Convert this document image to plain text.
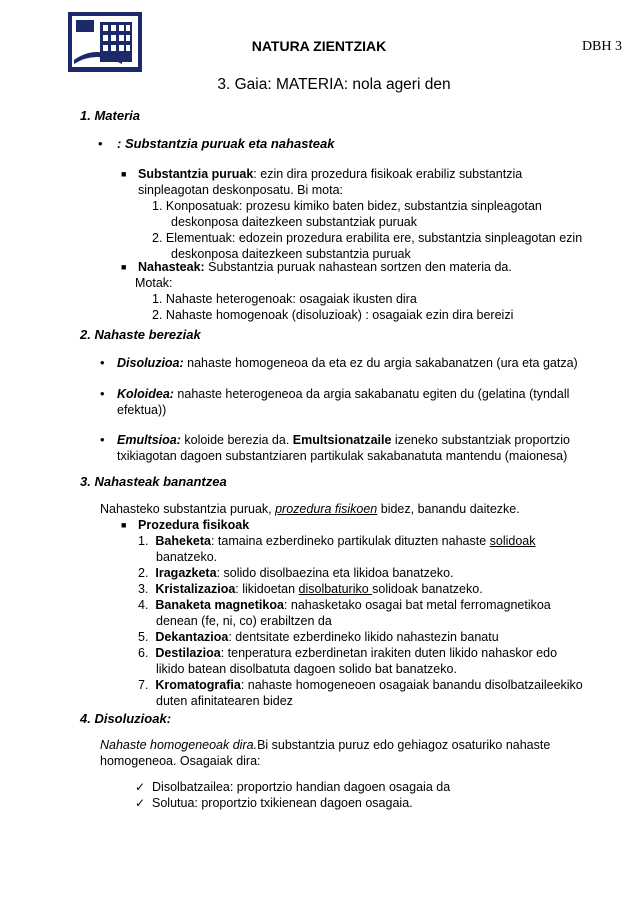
NATURA ZIENTZIAK	DBH 3
3. Gaia: MATERIA: nola ageri den
1. Materia
• : Substantzia puruak eta nahasteak
■ Substantzia puruak: ezin dira prozedura fisikoak erabiliz substantzia
sinpleagotan deskonposatu. Bi mota:
1. Konposatuak: prozesu kimiko baten bidez, substantzia sinpleagotan
deskonposa daitezkeen substantziak puruak
2. Elementuak: edozein prozedura erabilita ere, substantzia sinpleagotan ezin
deskonposa daitezkeen substantzia puruak
■ Nahasteak: Substantzia puruak nahastean sortzen den materia da.
Motak:
1. Nahaste heterogenoak: osagaiak ikusten dira
2. Nahaste homogenoak (disoluzioak) : osagaiak ezin dira bereizi
2. Nahaste bereziak
• Disoluzioa: nahaste homogeneoa da eta ez du argia sakabanatzen (ura eta gatza)
• Koloidea: nahaste heterogeneoa da argia sakabanatu egiten du (gelatina (tyndall
efektua))
• Emultsioa: koloide berezia da. Emultsionatzaile izeneko substantziak proportzio
txikiagotan dagoen substantziaren partikulak sakabanatuta mantendu (maionesa)
3. Nahasteak banantzea
Nahasteko substantzia puruak, prozedura fisikoen bidez, banandu daitezke.
■ Prozedura fisikoak
1. Baheketa: tamaina ezberdineko partikulak dituzten nahaste solidoak
banatzeko.
2. Iragazketa: solido disolbaezina eta likidoa banatzeko.
3. Kristalizazioa: likidoetan disolbaturiko solidoak banatzeko.
4. Banaketa magnetikoa: nahasketako osagai bat metal ferromagnetikoa
denean (fe, ni, co) erabiltzen da
5. Dekantazioa: dentsitate ezberdineko likido nahastezin banatu
6. Destilazioa: tenperatura ezberdinetan irakiten duten likido nahaskor edo
likido batean disolbatuta dagoen solido bat banatzeko.
7. Kromatografia: nahaste homogeneoen osagaiak banandu disolbatzaileekiko
duten afinitatearen bidez
4. Disoluzioak:
Nahaste homogeneoak dira.Bi substantzia puruz edo gehiagoz osaturiko nahaste
homogeneoa. Osagaiak dira:
✓ Disolbatzailea: proportzio handian dagoen osagaia da
✓ Solutua: proportzio txikienean dagoen osagaia.
